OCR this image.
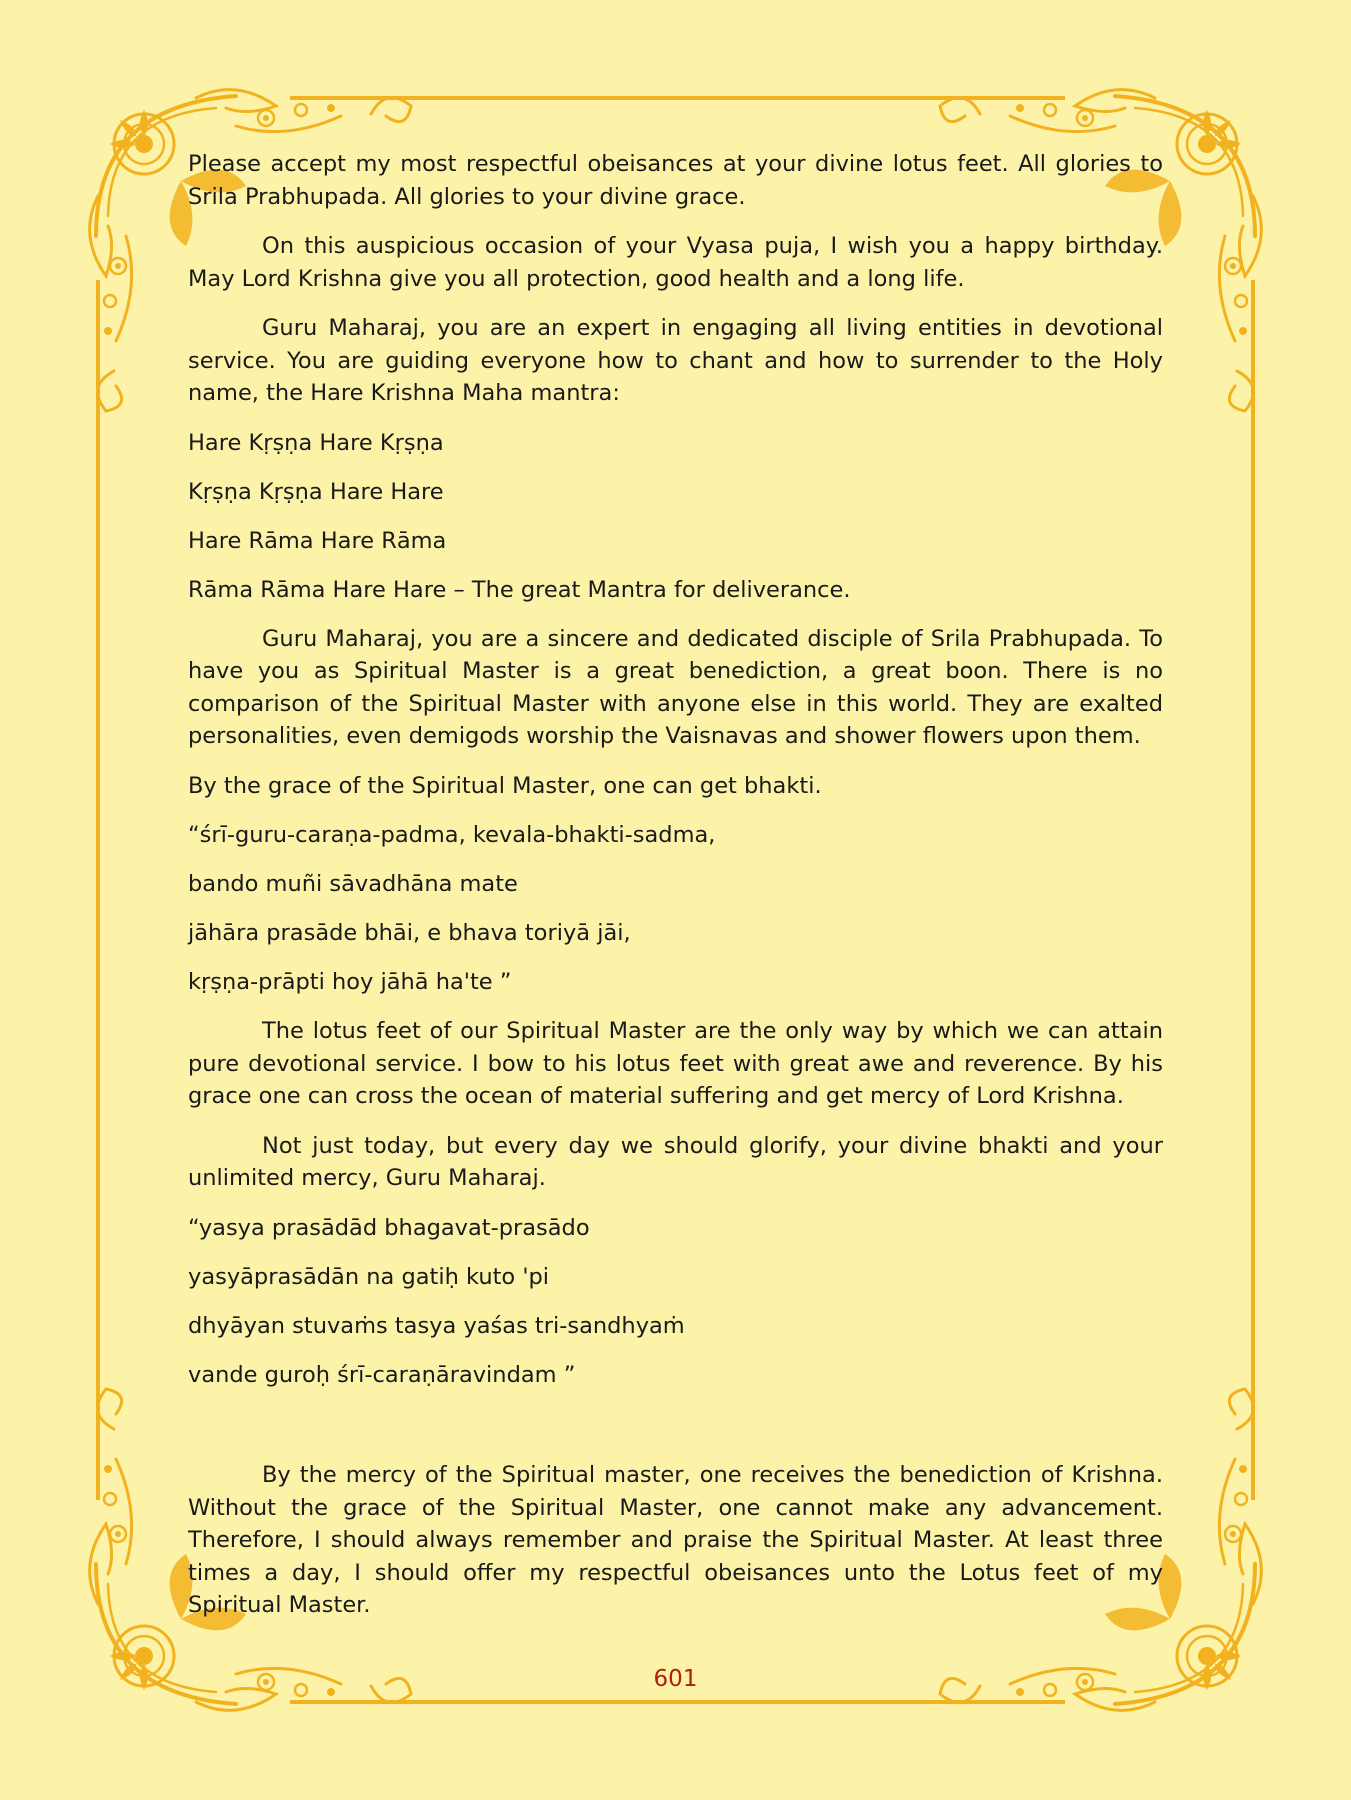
Please accept my most respectful obeisances at your divine lotus feet. All glories to Srila Prabhupada. All glories to your divine grace.

On this auspicious occasion of your Vyasa puja, I wish you a happy birthday. May Lord Krishna give you all protection, good health and a long life.

Guru Maharaj, you are an expert in engaging all living entities in devotional service. You are guiding everyone how to chant and how to surrender to the Holy name, the Hare Krishna Maha mantra:

Hare Kṛṣṇa Hare Kṛṣṇa

Kṛṣṇa Kṛṣṇa Hare Hare

Hare Rāma Hare Rāma

Rāma Rāma Hare Hare – The great Mantra for deliverance.

Guru Maharaj, you are a sincere and dedicated disciple of Srila Prabhupada. To have you as Spiritual Master is a great benediction, a great boon. There is no comparison of the Spiritual Master with anyone else in this world. They are exalted personalities, even demigods worship the Vaisnavas and shower flowers upon them.

By the grace of the Spiritual Master, one can get bhakti.

“śrī-guru-caraṇa-padma, kevala-bhakti-sadma,

bando muñi sāvadhāna mate

jāhāra prasāde bhāi, e bhava toriyā jāi,

kṛṣṇa-prāpti hoy jāhā ha'te ”

The lotus feet of our Spiritual Master are the only way by which we can attain pure devotional service. I bow to his lotus feet with great awe and reverence. By his grace one can cross the ocean of material suffering and get mercy of Lord Krishna.

Not just today, but every day we should glorify, your divine bhakti and your unlimited mercy, Guru Maharaj.

“yasya prasādād bhagavat-prasādo

yasyāprasādān na gatiḥ kuto 'pi

dhyāyan stuvaṁs tasya yaśas tri-sandhyaṁ

vande guroḥ śrī-caraṇāravindam ”

By the mercy of the Spiritual master, one receives the benediction of Krishna. Without the grace of the Spiritual Master, one cannot make any advancement. Therefore, I should always remember and praise the Spiritual Master. At least three times a day, I should offer my respectful obeisances unto the Lotus feet of my Spiritual Master.

601
